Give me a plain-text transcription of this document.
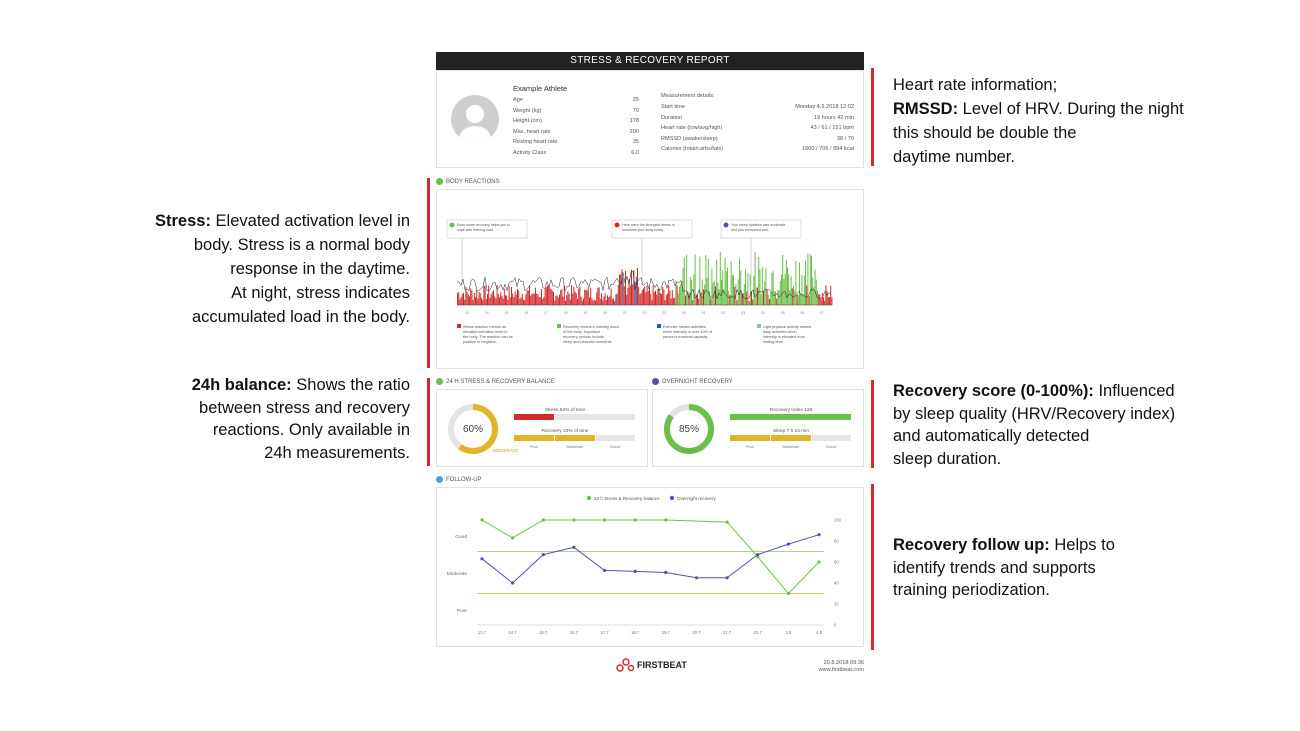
Stress: Elevated activation level in
body. Stress is a normal body
response in the daytime.
At night, stress indicates
accumulated load in the body.
24h balance: Shows the ratio
between stress and recovery
reactions. Only available in
24h measurements.
Heart rate information;
RMSSD: Level of HRV. During the night
this should be double the
daytime number.
Recovery score (0-100%): Influenced
by sleep quality (HRV/Recovery index)
and automatically detected
sleep duration.
Recovery follow up: Helps to
identify trends and supports
training periodization.
STRESS & RECOVERY REPORT
Example Athlete
Age	25
Weight (kg)	70
Height (cm)	178
Max. heart rate	200
Resting heart rate	35
Activity Class	6,0
Measurement details:
Start time	Monday 4.6.2018 12:02
Duration	19 hours 42 min
Heart rate (low/avg/high)	43 / 61 / 151 bpm
RMSSD (awake/sleep)	38 / 70
Calories (total/carbs/fats)	1600 / 706 / 894 kcal
BODY REACTIONS
Even some recovery helps you to
cope with training load.
Here were the strongest stress in
reactions your body today.
Your sleep duration was moderate
and you recovered well.
13	14	15	16	17	18	19	20	21	22	23	00	01	02	03	04	05	06	07
Stress reaction means an
elevated activation level in
the body. The reaction can be
positive or negative.
Recovery means a calming down
of the body. Important
recovery periods include
sleep and peaceful moments
Exercise means activities
when intensity is over 40% of
person's maximal capacity.
Light physical activity means
daily activities when
intensity is elevated from
resting level.
24 H STRESS & RECOVERY BALANCE
60%
MODERATE
Stress 62% of time
Recovery 23% of time
Poor	Moderate	Good
OVERNIGHT RECOVERY
85%
GOOD
Recovery index 128
Sleep 7 h 24 min
Poor	Moderate	Good
FOLLOW-UP
24 h Stress & Recovery balance	Overnight recovery
Good
Moderate
Poor
0
20
40
60
80
100
13.7	14.7	15.7	16.7	17.7	18.7	19.7	20.7	21.7	22.7	3.8	4.8
FIRSTBEAT	20.8.2018 09:36
www.firstbeat.com
